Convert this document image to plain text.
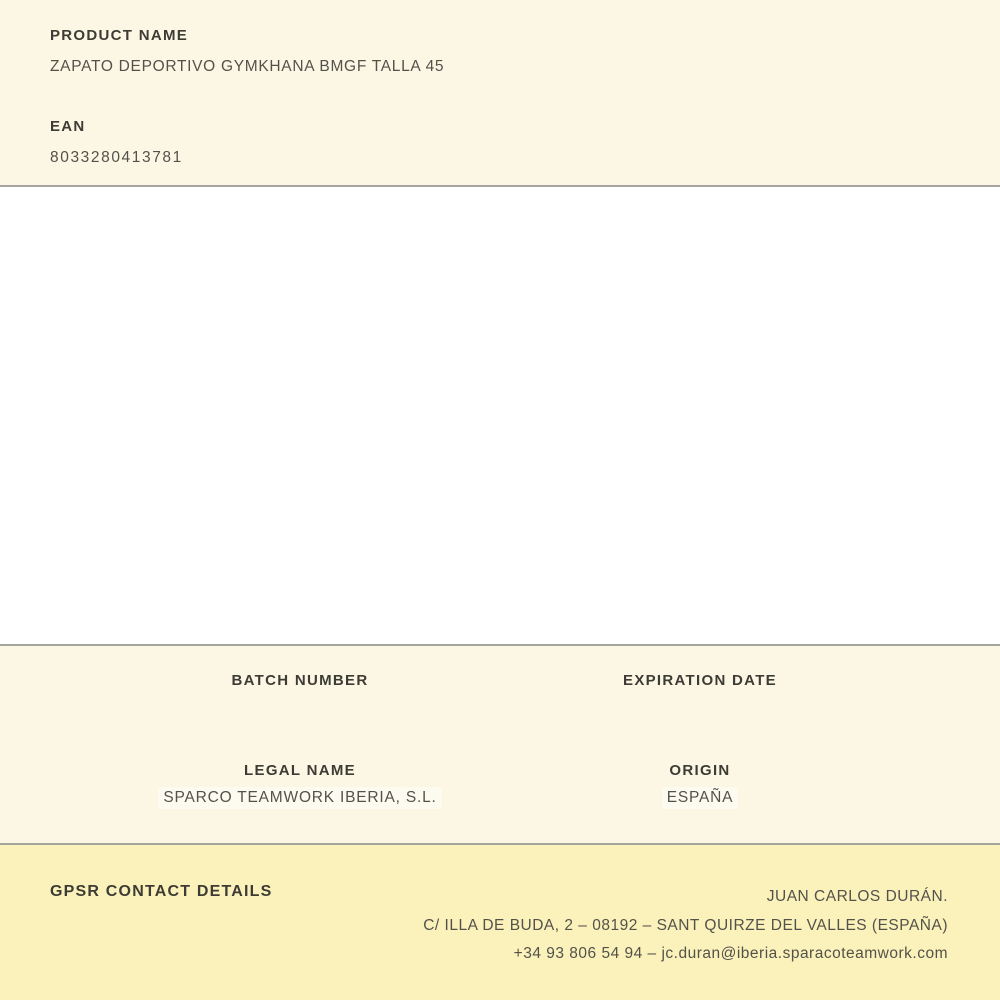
PRODUCT NAME
ZAPATO DEPORTIVO GYMKHANA BMGF TALLA 45
EAN
8033280413781
BATCH NUMBER
LEGAL NAME
SPARCO TEAMWORK IBERIA, S.L.
EXPIRATION DATE
ORIGIN
ESPAÑA
GPSR CONTACT DETAILS	JUAN CARLOS DURÁN.
C/ ILLA DE BUDA, 2 – 08192 – SANT QUIRZE DEL VALLES (ESPAÑA)
+34 93 806 54 94 – jc.duran@iberia.sparacoteamwork.com
